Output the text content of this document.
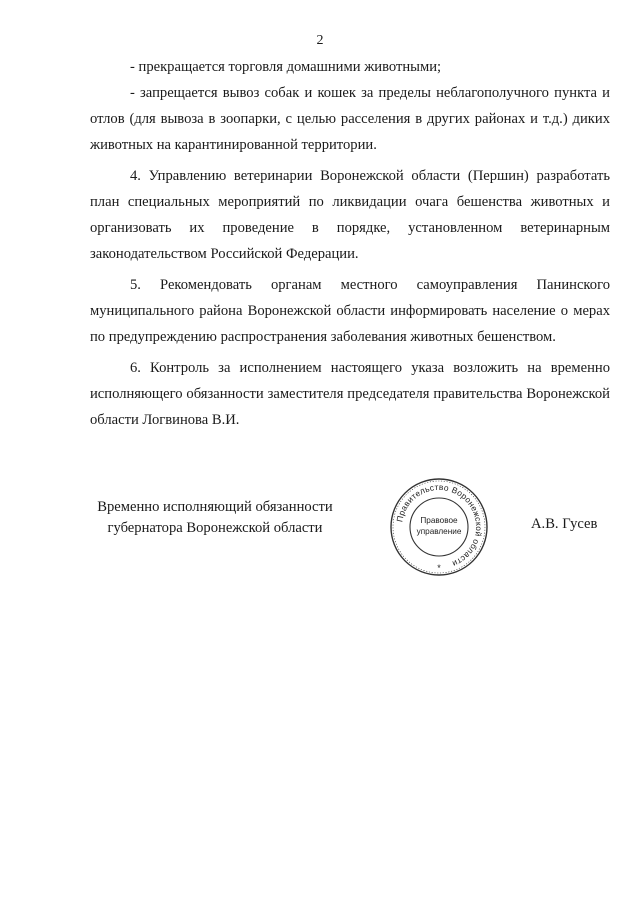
2

- прекращается торговля домашними животными;

- запрещается вывоз собак и кошек за пределы неблагополучного пункта и отлов (для вывоза в зоопарки, с целью расселения в других районах и т.д.) диких животных на карантинированной территории.

4. Управлению ветеринарии Воронежской области (Першин) разработать план специальных мероприятий по ликвидации очага бешенства животных и организовать их проведение в порядке, установленном ветеринарным законодательством Российской Федерации.

5. Рекомендовать органам местного самоуправления Панинского муниципального района Воронежской области информировать население о мерах по предупреждению распространения заболевания животных бешенством.

6. Контроль за исполнением настоящего указа возложить на временно исполняющего обязанности заместителя председателя правительства Воронежской области Логвинова В.И.

Временно исполняющий обязанности
губернатора Воронежской области
Правительство Воронежской области
Правовое
управление
*
А.В. Гусев
